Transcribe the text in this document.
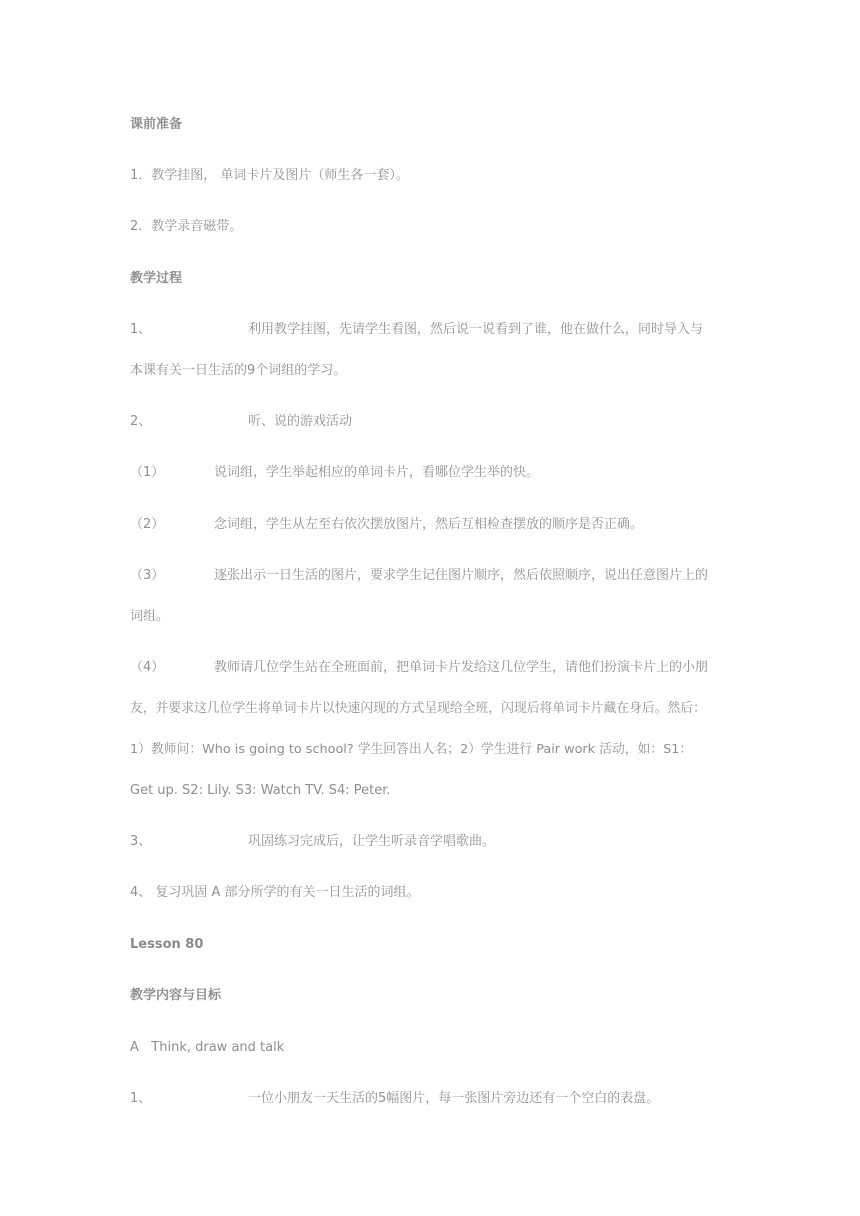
课前准备
1．教学挂图， 单词卡片及图片（师生各一套）。
2．教学录音磁带。
教学过程
1、	利用教学挂图，先请学生看图，然后说一说看到了谁，他在做什么，同时导入与
本课有关一日生活的9个词组的学习。
2、	听、说的游戏活动
（1）	说词组，学生举起相应的单词卡片，看哪位学生举的快。
（2）	念词组，学生从左至右依次摆放图片，然后互相检查摆放的顺序是否正确。
（3）	逐张出示一日生活的图片，要求学生记住图片顺序，然后依照顺序，说出任意图片上的
词组。
（4）	教师请几位学生站在全班面前，把单词卡片发给这几位学生，请他们扮演卡片上的小朋
友，并要求这几位学生将单词卡片以快速闪现的方式呈现给全班，闪现后将单词卡片藏在身后。然后：
1）教师问：Who is going to school? 学生回答出人名；2）学生进行 Pair work 活动，如：S1：
Get up. S2: Lily. S3: Watch TV. S4: Peter.
3、	巩固练习完成后，让学生听录音学唱歌曲。
4、 复习巩固 A 部分所学的有关一日生活的词组。
Lesson 80
教学内容与目标
A   Think, draw and talk
1、	一位小朋友一天生活的5幅图片，每一张图片旁边还有一个空白的表盘。
